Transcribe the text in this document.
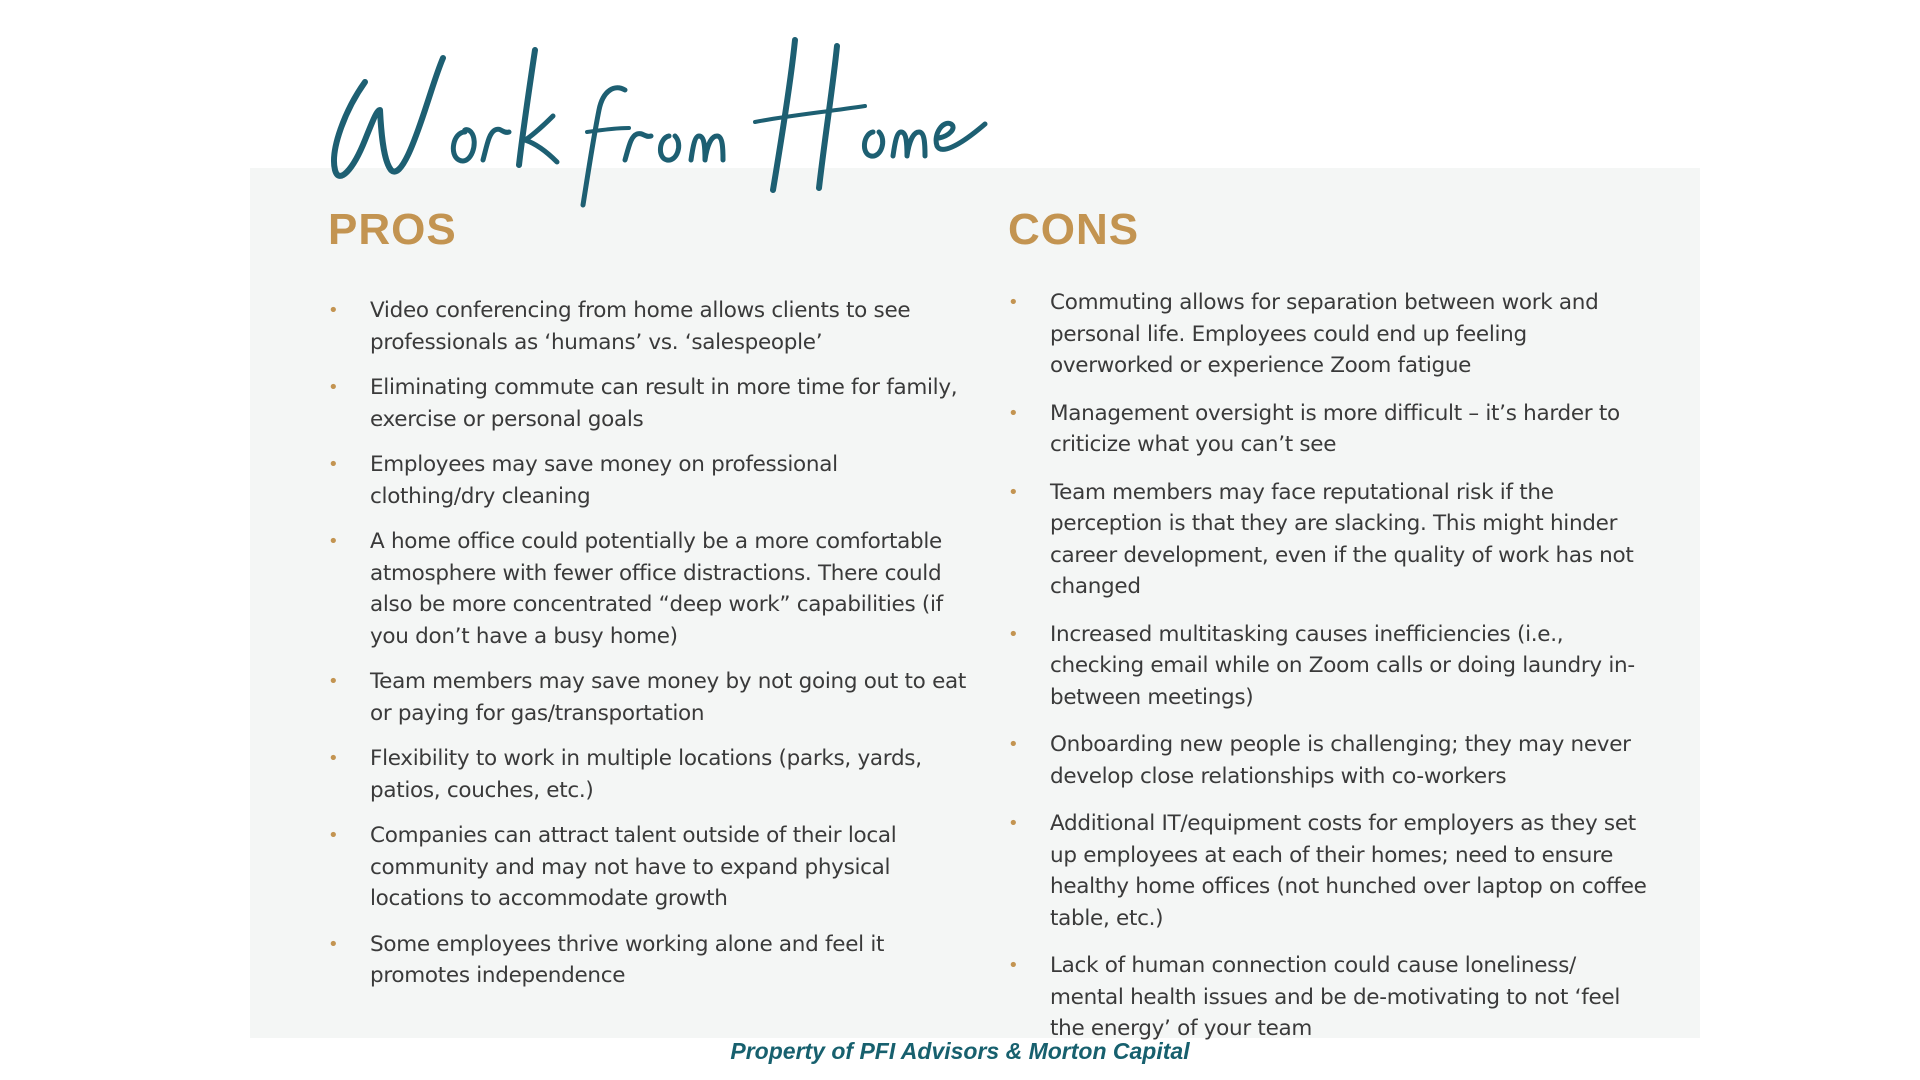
PROS
•	Video conferencing from home allows clients to see professionals as ‘humans’ vs. ‘salespeople’
•	Eliminating commute can result in more time for family, exercise or personal goals
•	Employees may save money on professional clothing/dry cleaning
•	A home office could potentially be a more comfortable atmosphere with fewer office distractions. There could also be more concentrated “deep work” capabilities (if you don’t have a busy home)
•	Team members may save money by not going out to eat or paying for gas/transportation
•	Flexibility to work in multiple locations (parks, yards, patios, couches, etc.)
•	Companies can attract talent outside of their local community and may not have to expand physical locations to accommodate growth
•	Some employees thrive working alone and feel it promotes independence
CONS
•	Commuting allows for separation between work and personal life. Employees could end up feeling overworked or experience Zoom fatigue
•	Management oversight is more difficult – it’s harder to criticize what you can’t see
•	Team members may face reputational risk if the perception is that they are slacking. This might hinder career development, even if the quality of work has not changed
•	Increased multitasking causes inefficiencies (i.e., checking email while on Zoom calls or doing laundry in-between meetings)
•	Onboarding new people is challenging; they may never develop close relationships with co-workers
•	Additional IT/equipment costs for employers as they set up employees at each of their homes; need to ensure healthy home offices (not hunched over laptop on coffee table, etc.)
•	Lack of human connection could cause loneliness/ mental health issues and be de-motivating to not ‘feel the energy’ of your team
Property of PFI Advisors & Morton Capital
